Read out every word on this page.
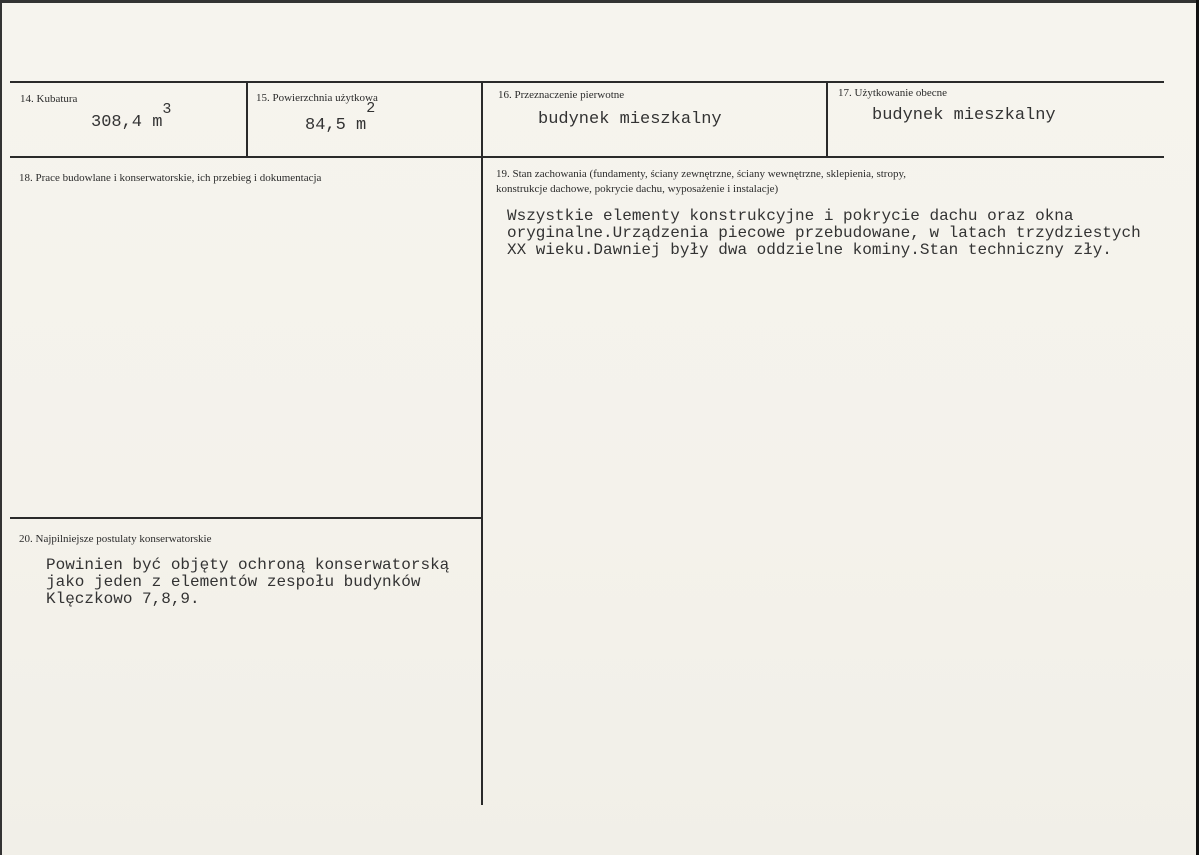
14. Kubatura
308,4 m
3
15. Powierzchnia użytkowa
84,5 m
2
16. Przeznaczenie pierwotne
budynek mieszkalny
17. Użytkowanie obecne
budynek mieszkalny
18. Prace budowlane i konserwatorskie, ich przebieg i dokumentacja	19. Stan zachowania (fundamenty, ściany zewnętrzne, ściany wewnętrzne, sklepienia, stropy,
konstrukcje dachowe, pokrycie dachu, wyposażenie i instalacje)
Wszystkie elementy konstrukcyjne i pokrycie dachu oraz okna
oryginalne.Urządzenia piecowe przebudowane, w latach trzydziestych
XX wieku.Dawniej były dwa oddzielne kominy.Stan techniczny zły.
20. Najpilniejsze postulaty konserwatorskie
Powinien być objęty ochroną konserwatorską
jako jeden z elementów zespołu budynków
Klęczkowo 7,8,9.
